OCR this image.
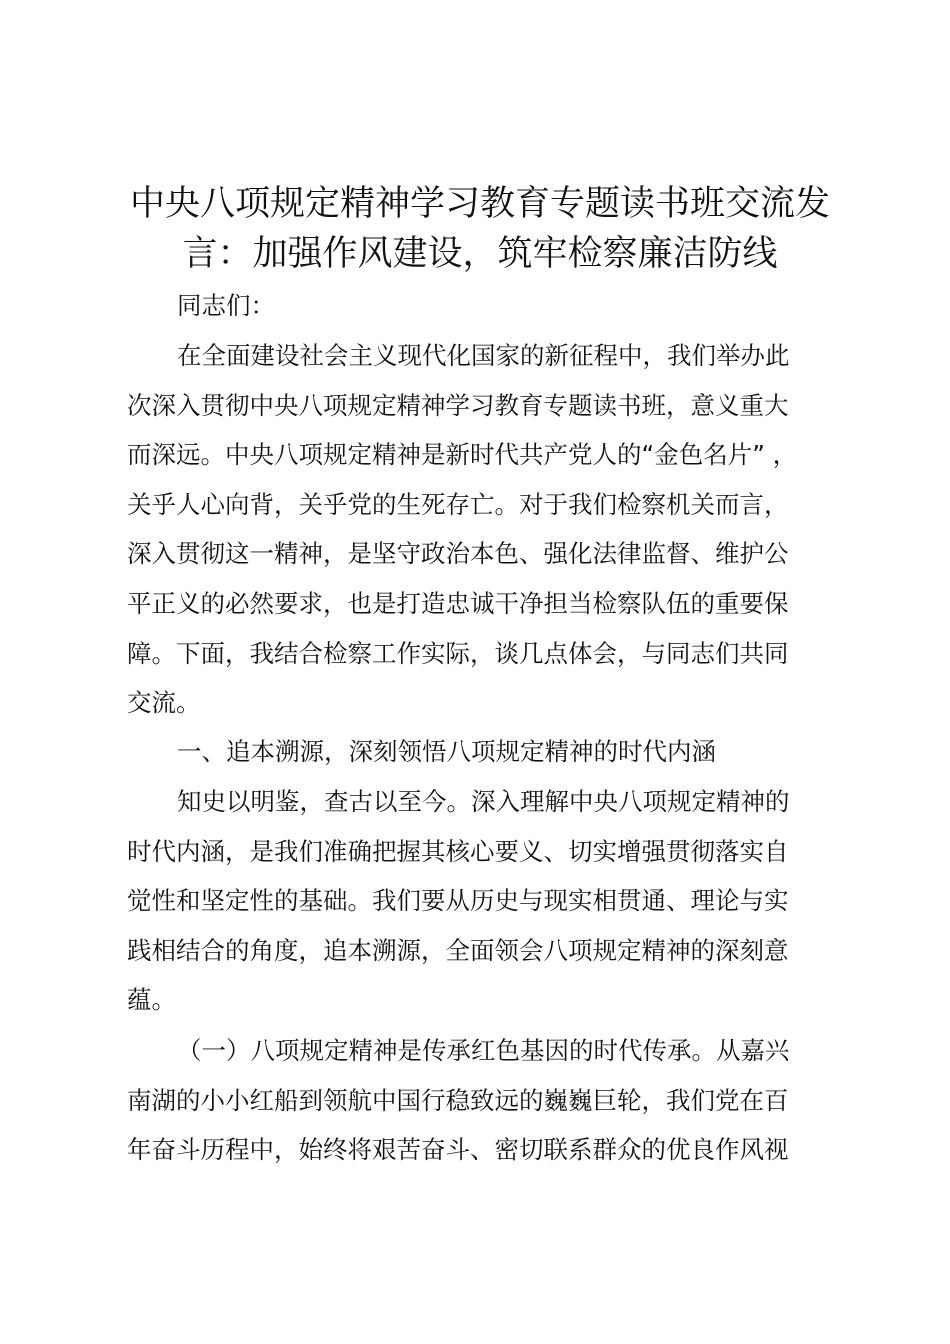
中央八项规定精神学习教育专题读书班交流发
言：加强作风建设，筑牢检察廉洁防线
同志们：
在全面建设社会主义现代化国家的新征程中，我们举办此
次深入贯彻中央八项规定精神学习教育专题读书班，意义重大
而深远。中央八项规定精神是新时代共产党人的“金色名片” ，
关乎人心向背，关乎党的生死存亡。对于我们检察机关而言，
深入贯彻这一精神，是坚守政治本色、强化法律监督、维护公
平正义的必然要求，也是打造忠诚干净担当检察队伍的重要保
障。下面，我结合检察工作实际，谈几点体会，与同志们共同
交流。
一、追本溯源，深刻领悟八项规定精神的时代内涵
知史以明鉴，查古以至今。深入理解中央八项规定精神的
时代内涵，是我们准确把握其核心要义、切实增强贯彻落实自
觉性和坚定性的基础。我们要从历史与现实相贯通、理论与实
践相结合的角度，追本溯源，全面领会八项规定精神的深刻意
蕴。
（一）八项规定精神是传承红色基因的时代传承。从嘉兴
南湖的小小红船到领航中国行稳致远的巍巍巨轮，我们党在百
年奋斗历程中，始终将艰苦奋斗、密切联系群众的优良作风视
